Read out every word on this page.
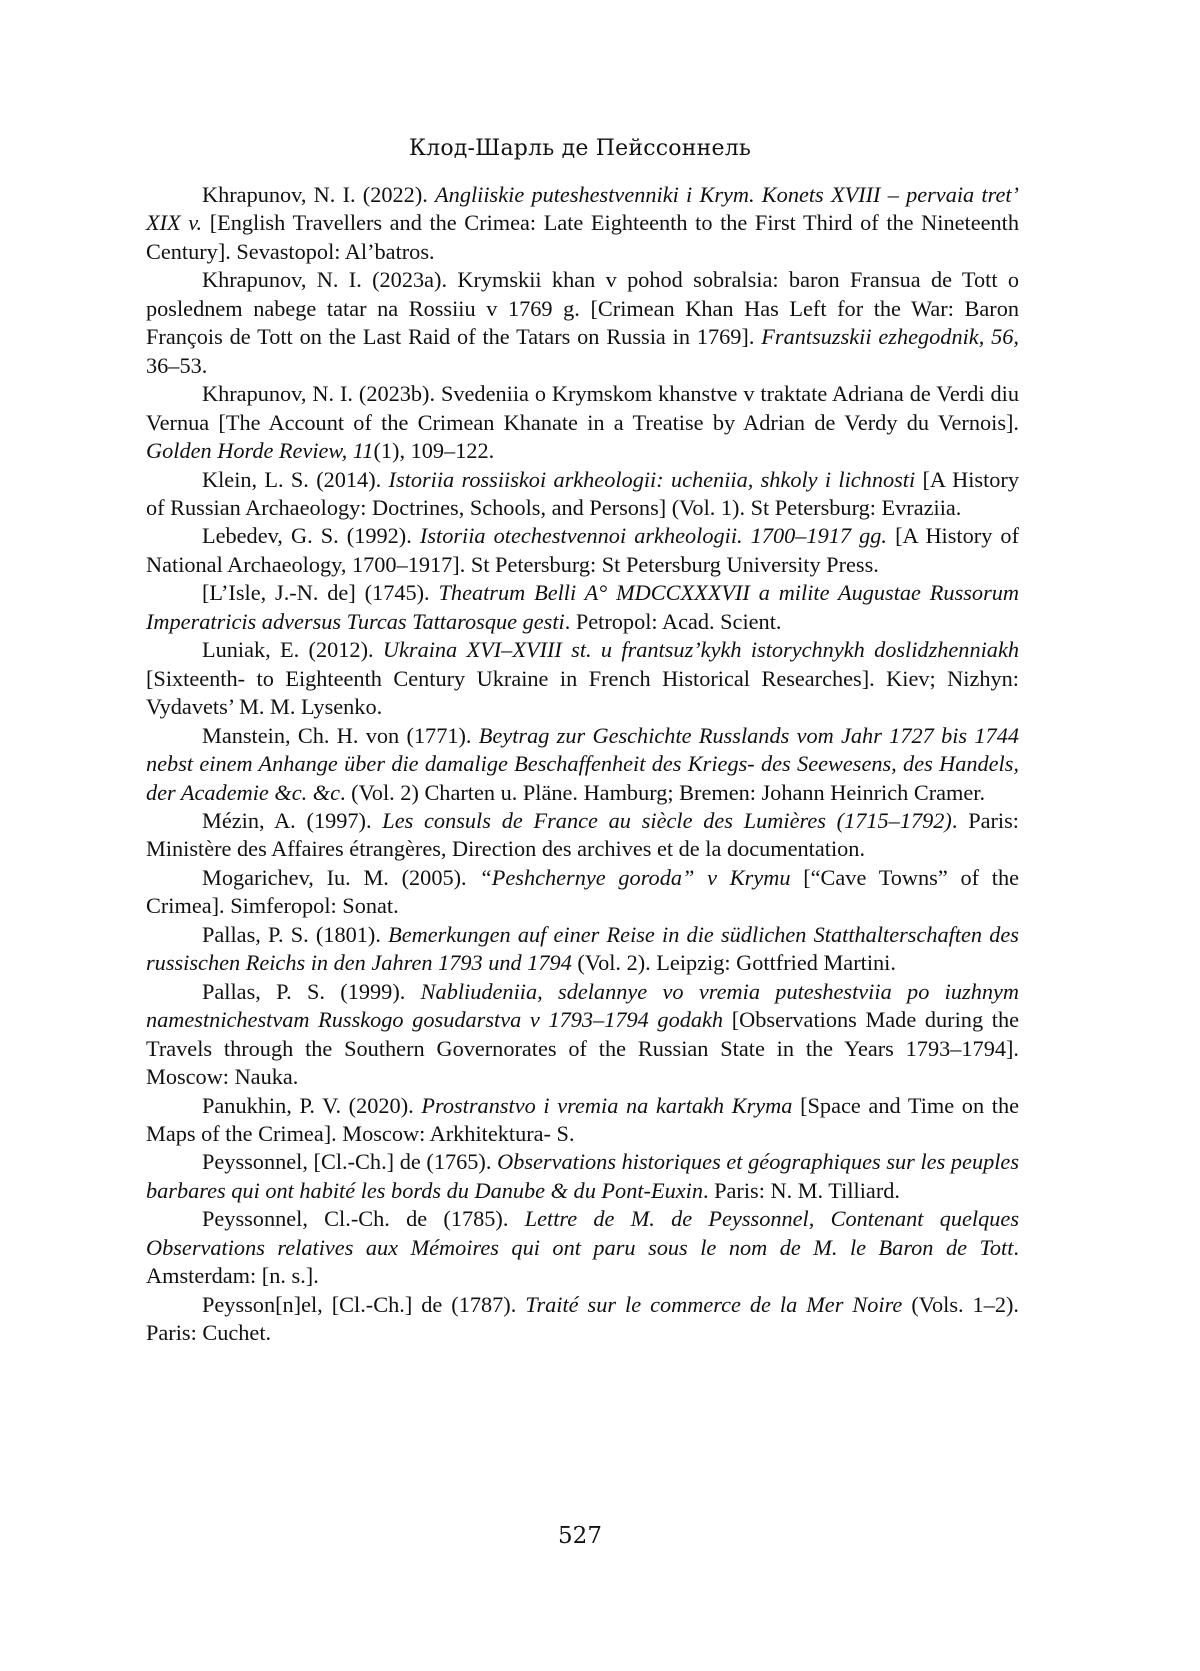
Клод-Шарль де Пейссоннель

Khrapunov, N. I. (2022). Angliiskie puteshestvenniki i Krym. Konets XVIII – pervaia tret’ XIX v. [English Travellers and the Crimea: Late Eighteenth to the First Third of the Nineteenth Century]. Sevastopol: Al’batros.

Khrapunov, N. I. (2023a). Krymskii khan v pohod sobralsia: baron Fransua de Tott o poslednem nabege tatar na Rossiiu v 1769 g. [Crimean Khan Has Left for the War: Baron François de Tott on the Last Raid of the Tatars on Russia in 1769]. Frantsuzskii ezhegodnik, 56, 36–53.

Khrapunov, N. I. (2023b). Svedeniia o Krymskom khanstve v traktate Adriana de Verdi diu Vernua [The Account of the Crimean Khanate in a Treatise by Adrian de Verdy du Vernois]. Golden Horde Review, 11(1), 109–122.

Klein, L. S. (2014). Istoriia rossiiskoi arkheologii: ucheniia, shkoly i lichnosti [A History of Russian Archaeology: Doctrines, Schools, and Persons] (Vol. 1). St Petersburg: Evraziia.

Lebedev, G. S. (1992). Istoriia otechestvennoi arkheologii. 1700–1917 gg. [A History of National Archaeology, 1700–1917]. St Petersburg: St Petersburg University Press.

[L’Isle, J.-N. de] (1745). Theatrum Belli A° MDCCXXXVII a milite Augustae Russorum Imperatricis adversus Turcas Tattarosque gesti. Petropol: Acad. Scient.

Luniak, E. (2012). Ukraina XVI–XVIII st. u frantsuz’kykh istorychnykh doslidzhenniakh [Sixteenth- to Eighteenth Century Ukraine in French Historical Researches]. Kiev; Nizhyn: Vydavets’ M. M. Lysenko.

Manstein, Ch. H. von (1771). Beytrag zur Geschichte Russlands vom Jahr 1727 bis 1744 nebst einem Anhange über die damalige Beschaffenheit des Kriegs- des Seewesens, des Handels, der Academie &c. &c. (Vol. 2) Charten u. Pläne. Hamburg; Bremen: Johann Heinrich Cramer.

Mézin, A. (1997). Les consuls de France au siècle des Lumières (1715–1792). Paris: Ministère des Affaires étrangères, Direction des archives et de la documentation.

Mogarichev, Iu. M. (2005). “Peshchernye goroda” v Krymu [“Cave Towns” of the Crimea]. Simferopol: Sonat.

Pallas, P. S. (1801). Bemerkungen auf einer Reise in die südlichen Statthalterschaften des russischen Reichs in den Jahren 1793 und 1794 (Vol. 2). Leipzig: Gottfried Martini.

Pallas, P. S. (1999). Nabliudeniia, sdelannye vo vremia puteshestviia po iuzhnym namestnichestvam Russkogo gosudarstva v 1793–1794 godakh [Observations Made during the Travels through the Southern Governorates of the Russian State in the Years 1793–1794]. Moscow: Nauka.

Panukhin, P. V. (2020). Prostranstvo i vremia na kartakh Kryma [Space and Time on the Maps of the Crimea]. Moscow: Arkhitektura- S.

Peyssonnel, [Cl.-Ch.] de (1765). Observations historiques et géographiques sur les peuples barbares qui ont habité les bords du Danube & du Pont-Euxin. Paris: N. M. Tilliard.

Peyssonnel, Cl.-Ch. de (1785). Lettre de M. de Peyssonnel, Contenant quelques Observations relatives aux Mémoires qui ont paru sous le nom de M. le Baron de Tott. Amsterdam: [n. s.].

Peysson[n]el, [Cl.-Ch.] de (1787). Traité sur le commerce de la Mer Noire (Vols. 1–2). Paris: Cuchet.

527
